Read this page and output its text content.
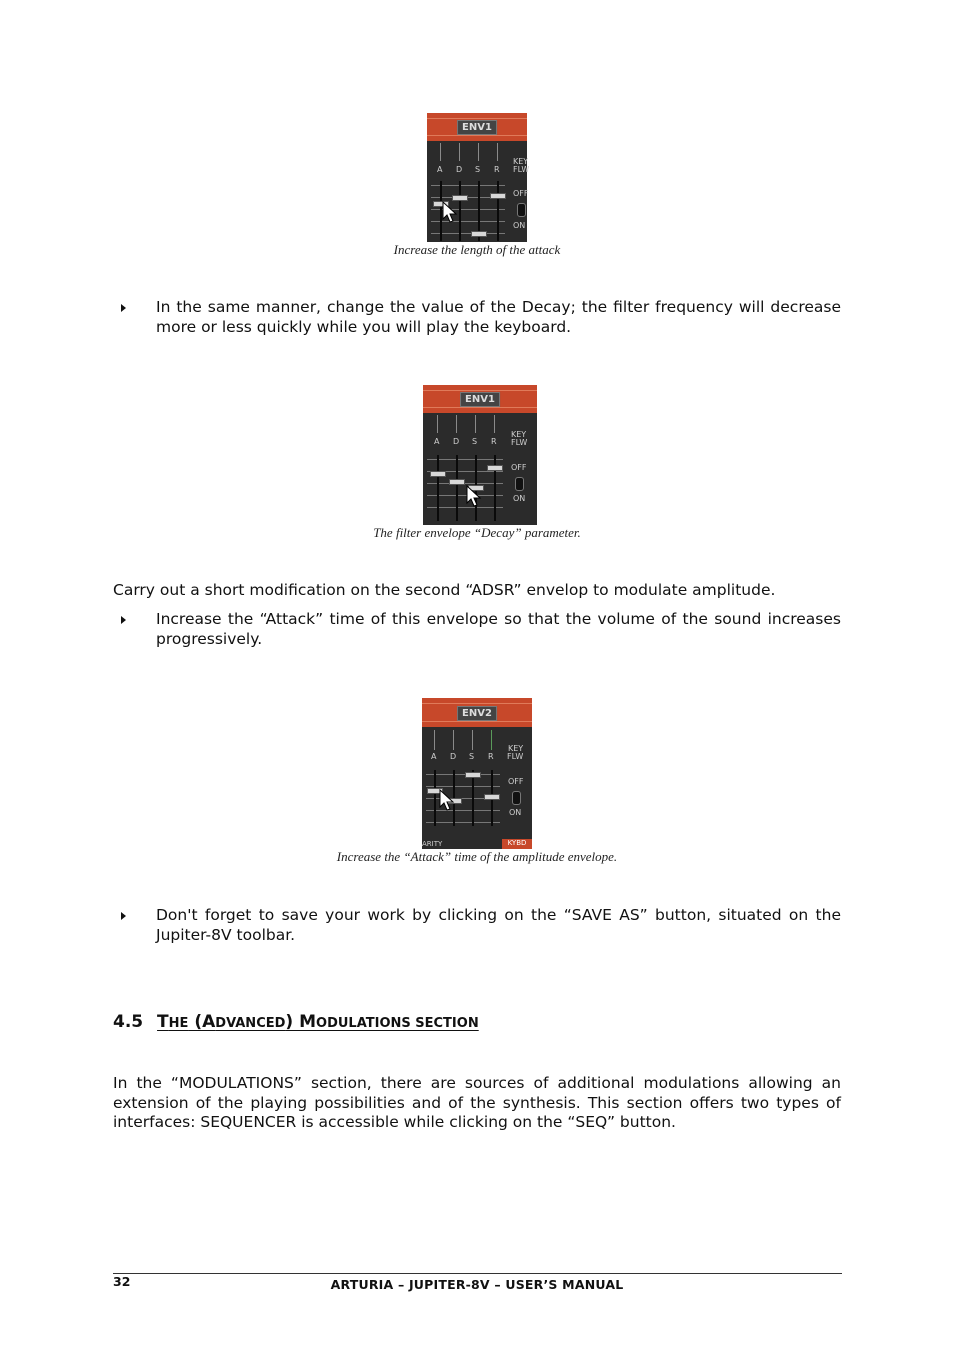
ENV1
A D S R
KEY
FLW
OFF
ON
Increase the length of the attack
In the same manner, change the value of the Decay; the filter frequency will decrease more or less quickly while you will play the keyboard.
ENV1
A D S R
KEY
FLW
OFF
ON
The filter envelope “Decay” parameter.
Carry out a short modification on the second “ADSR” envelop to modulate amplitude.
Increase the “Attack” time of this envelope so that the volume of the sound increases progressively.
ENV2
A D S R
KEY
FLW
OFF
ON
ARITY	KYBD
Increase the “Attack” time of the amplitude envelope.
Don't forget to save your work by clicking on the “SAVE AS” button, situated on the Jupiter-8V toolbar.
4.5 THE (ADVANCED) MODULATIONS SECTION
In the “MODULATIONS” section, there are sources of additional modulations allowing an extension of the playing possibilities and of the synthesis. This section offers two types of interfaces: SEQUENCER is accessible while clicking on the “SEQ” button.
32	ARTURIA – JUPITER-8V – USER’S MANUAL
